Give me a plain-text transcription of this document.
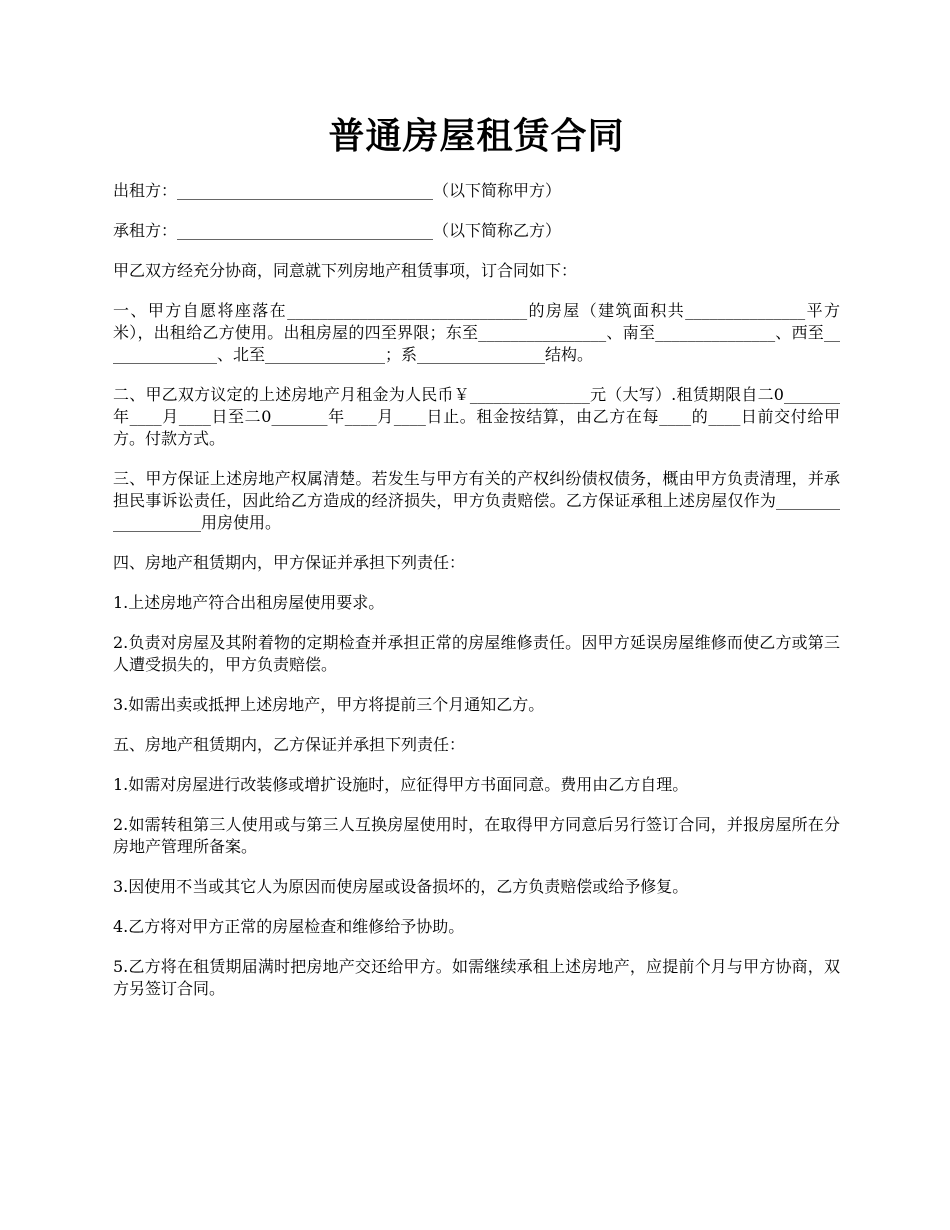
普通房屋租赁合同
出租方：________________________________（以下简称甲方）
承租方：________________________________（以下简称乙方）
甲乙双方经充分协商，同意就下列房地产租赁事项，订合同如下：
一、甲方自愿将座落在______________________________的房屋（建筑面积共_______________平方米），出租给乙方使用。出租房屋的四至界限；东至________________、南至_______________、西至_______________、北至_______________；系________________结构。
二、甲乙双方议定的上述房地产月租金为人民币￥_______________元（大写）.租赁期限自二0_______年____月____日至二0_______年____月____日止。租金按结算，由乙方在每____的____日前交付给甲方。付款方式。
三、甲方保证上述房地产权属清楚。若发生与甲方有关的产权纠纷债权债务，概由甲方负责清理，并承担民事诉讼责任，因此给乙方造成的经济损失，甲方负责赔偿。乙方保证承租上述房屋仅作为___________________用房使用。
四、房地产租赁期内，甲方保证并承担下列责任：
1.上述房地产符合出租房屋使用要求。
2.负责对房屋及其附着物的定期检查并承担正常的房屋维修责任。因甲方延误房屋维修而使乙方或第三人遭受损失的，甲方负责赔偿。
3.如需出卖或抵押上述房地产，甲方将提前三个月通知乙方。
五、房地产租赁期内，乙方保证并承担下列责任：
1.如需对房屋进行改装修或增扩设施时，应征得甲方书面同意。费用由乙方自理。
2.如需转租第三人使用或与第三人互换房屋使用时，在取得甲方同意后另行签订合同，并报房屋所在分房地产管理所备案。
3.因使用不当或其它人为原因而使房屋或设备损坏的，乙方负责赔偿或给予修复。
4.乙方将对甲方正常的房屋检查和维修给予协助。
5.乙方将在租赁期届满时把房地产交还给甲方。如需继续承租上述房地产，应提前个月与甲方协商，双方另签订合同。
